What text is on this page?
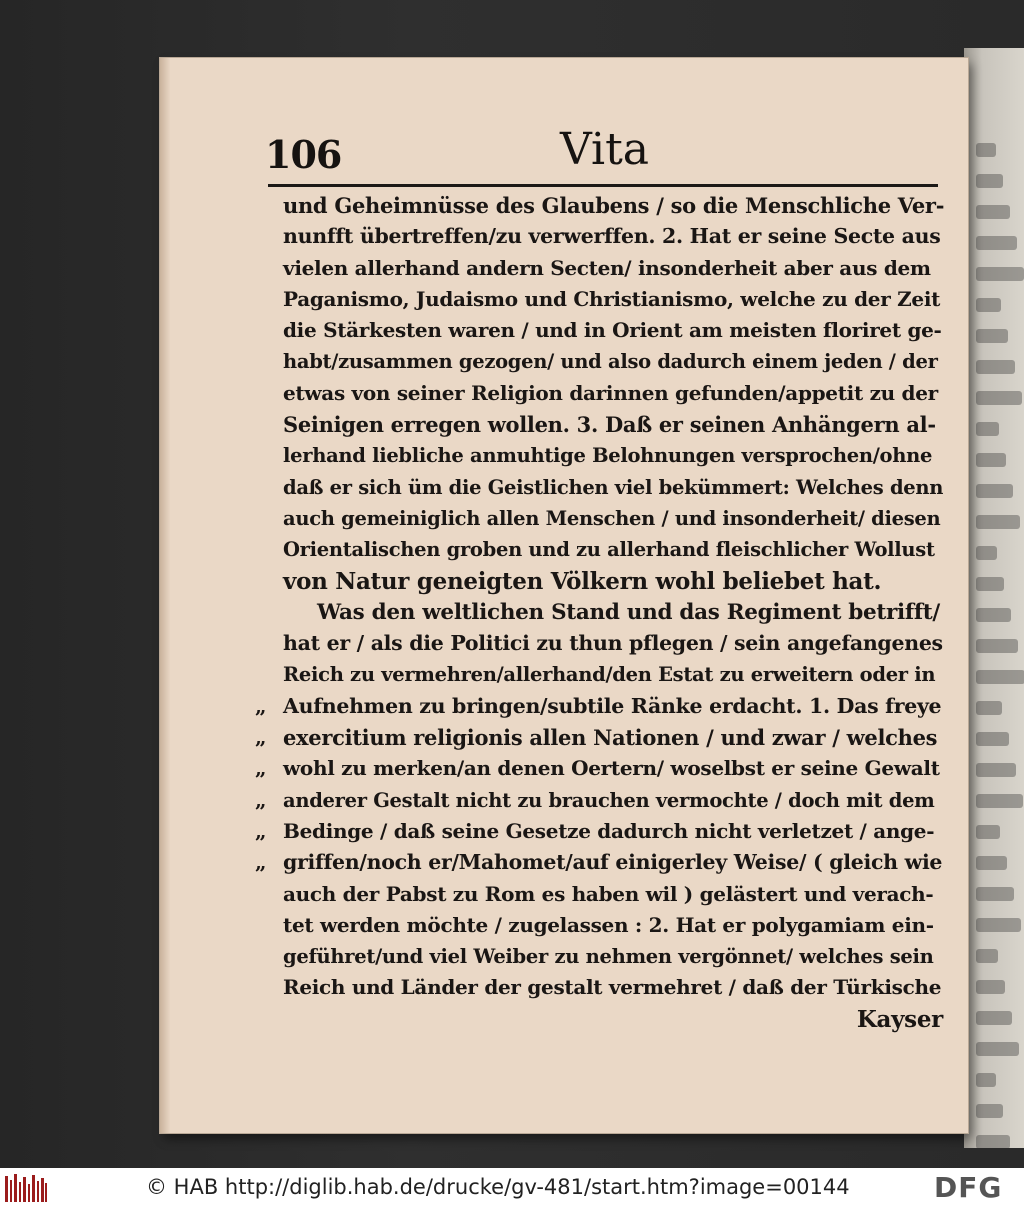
106	Vita
und Geheimnüsse des Glaubens / so die Menschliche Ver-
nunfft übertreffen/zu verwerffen. 2. Hat er seine Secte aus
vielen allerhand andern Secten/ insonderheit aber aus dem
Paganismo, Judaismo und Christianismo, welche zu der Zeit
die Stärkesten waren / und in Orient am meisten floriret ge-
habt/zusammen gezogen/ und also dadurch einem jeden / der
etwas von seiner Religion darinnen gefunden/appetit zu der
Seinigen erregen wollen. 3. Daß er seinen Anhängern al-
lerhand liebliche anmuhtige Belohnungen versprochen/ohne
daß er sich üm die Geistlichen viel bekümmert: Welches denn
auch gemeiniglich allen Menschen / und insonderheit/ diesen
Orientalischen groben und zu allerhand fleischlicher Wollust
von Natur geneigten Völkern wohl beliebet hat.
Was den weltlichen Stand und das Regiment betrifft/
hat er / als die Politici zu thun pflegen / sein angefangenes
Reich zu vermehren/allerhand/den Estat zu erweitern oder in
„ Aufnehmen zu bringen/subtile Ränke erdacht. 1. Das freye
„ exercitium religionis allen Nationen / und zwar / welches
„ wohl zu merken/an denen Oertern/ woselbst er seine Gewalt
„ anderer Gestalt nicht zu brauchen vermochte / doch mit dem
„ Bedinge / daß seine Gesetze dadurch nicht verletzet / ange-
„ griffen/noch er/Mahomet/auf einigerley Weise/ ( gleich wie
auch der Pabst zu Rom es haben wil ) gelästert und verach-
tet werden möchte / zugelassen : 2. Hat er polygamiam ein-
geführet/und viel Weiber zu nehmen vergönnet/ welches sein
Reich und Länder der gestalt vermehret / daß der Türkische
Kayser
© HAB http://diglib.hab.de/drucke/gv-481/start.htm?image=00144	DFG
